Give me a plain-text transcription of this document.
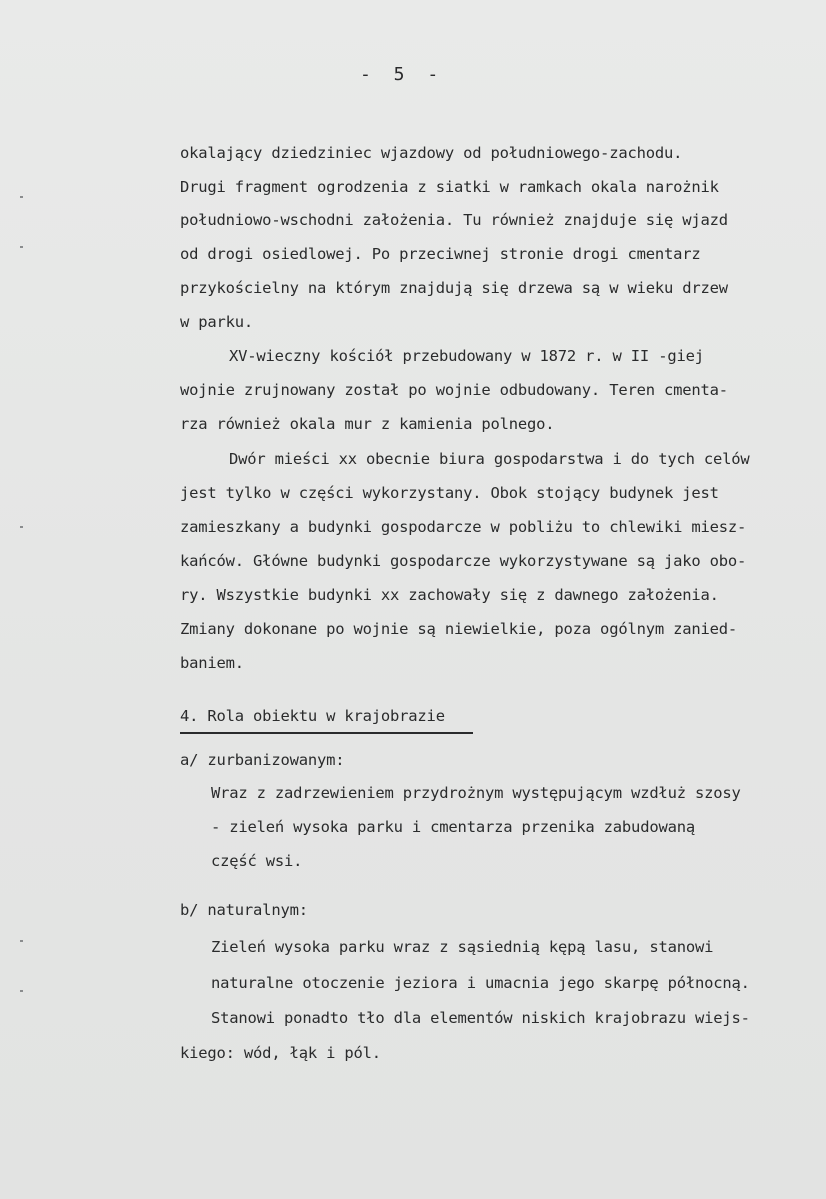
- 5 -
okalający dziedziniec wjazdowy od południowego-zachodu.
Drugi fragment ogrodzenia z siatki w ramkach okala narożnik
południowo-wschodni założenia. Tu również znajduje się wjazd
od drogi osiedlowej. Po przeciwnej stronie drogi cmentarz
przykościelny na którym znajdują się drzewa są w wieku drzew
w parku.
XV-wieczny kościół przebudowany w 1872 r. w II -giej
wojnie zrujnowany został po wojnie odbudowany. Teren cmenta-
rza również okala mur z kamienia polnego.
Dwór mieści xx obecnie biura gospodarstwa i do tych celów
jest tylko w części wykorzystany. Obok stojący budynek jest
zamieszkany a budynki gospodarcze w pobliżu to chlewiki miesz-
kańców. Główne budynki gospodarcze wykorzystywane są jako obo-
ry. Wszystkie budynki xx zachowały się z dawnego założenia.
Zmiany dokonane po wojnie są niewielkie, poza ogólnym zanied-
baniem.
4. Rola obiektu w krajobrazie
a/ zurbanizowanym:
Wraz z zadrzewieniem przydrożnym występującym wzdłuż szosy
- zieleń wysoka parku i cmentarza przenika zabudowaną
część wsi.
b/ naturalnym:
Zieleń wysoka parku wraz z sąsiednią kępą lasu, stanowi
naturalne otoczenie jeziora i umacnia jego skarpę północną.
Stanowi ponadto tło dla elementów niskich krajobrazu wiejs-
kiego: wód, łąk i pól.
